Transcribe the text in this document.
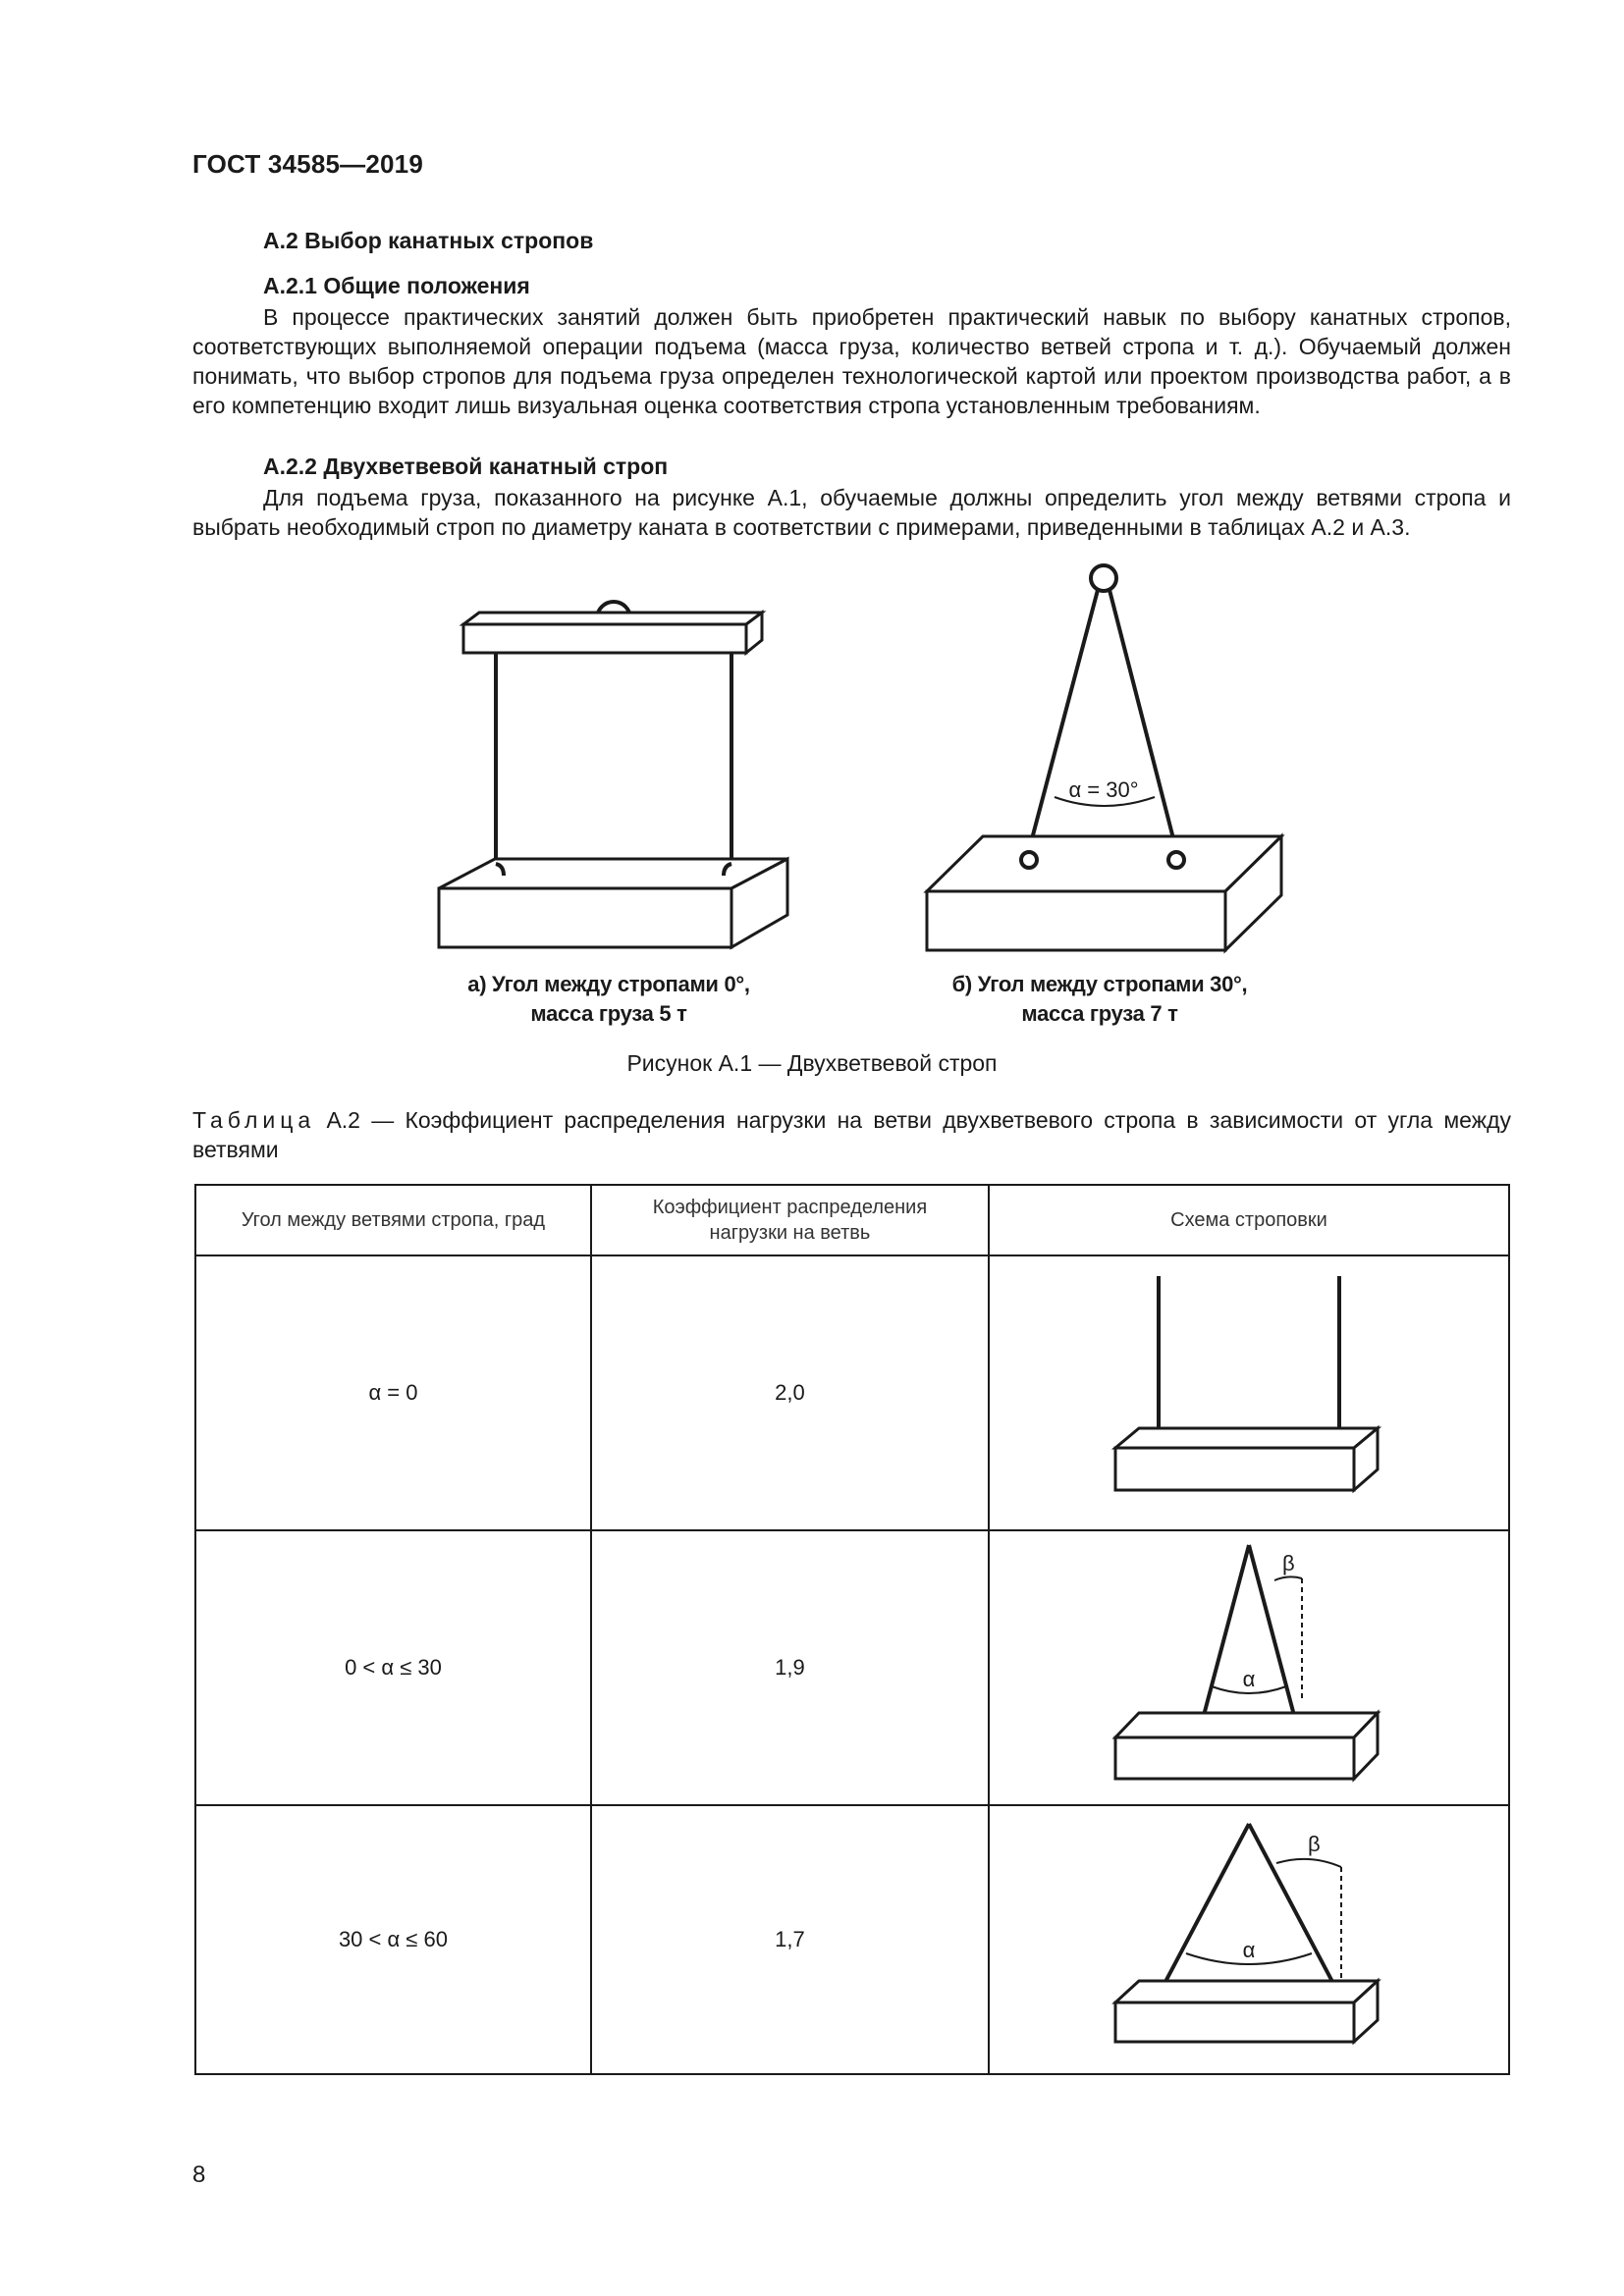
ГОСТ 34585—2019
А.2 Выбор канатных стропов
А.2.1 Общие положения
В процессе практических занятий должен быть приобретен практический навык по выбору канатных стропов, соответствующих выполняемой операции подъема (масса груза, количество ветвей стропа и т. д.). Обучаемый должен понимать, что выбор стропов для подъема груза определен технологической картой или проектом производства работ, а в его компетенцию входит лишь визуальная оценка соответствия стропа установленным требованиям.
А.2.2 Двухветвевой канатный строп
Для подъема груза, показанного на рисунке А.1, обучаемые должны определить угол между ветвями стропа и выбрать необходимый строп по диаметру каната в соответствии с примерами, приведенными в таблицах А.2 и А.3.
α = 30°
а) Угол между стропами 0°,
масса груза 5 т
б) Угол между стропами 30°,
масса груза 7 т
Рисунок А.1 — Двухветвевой строп
Таблица А.2 — Коэффициент распределения нагрузки на ветви двухветвевого стропа в зависимости от угла между ветвями
Угол между ветвями стропа, град	Коэффициент распределения нагрузки на ветвь	Схема строповки
α = 0	2,0	
0 < α ≤ 30	1,9	β
α

30 < α ≤ 60	1,7	β
α
8
